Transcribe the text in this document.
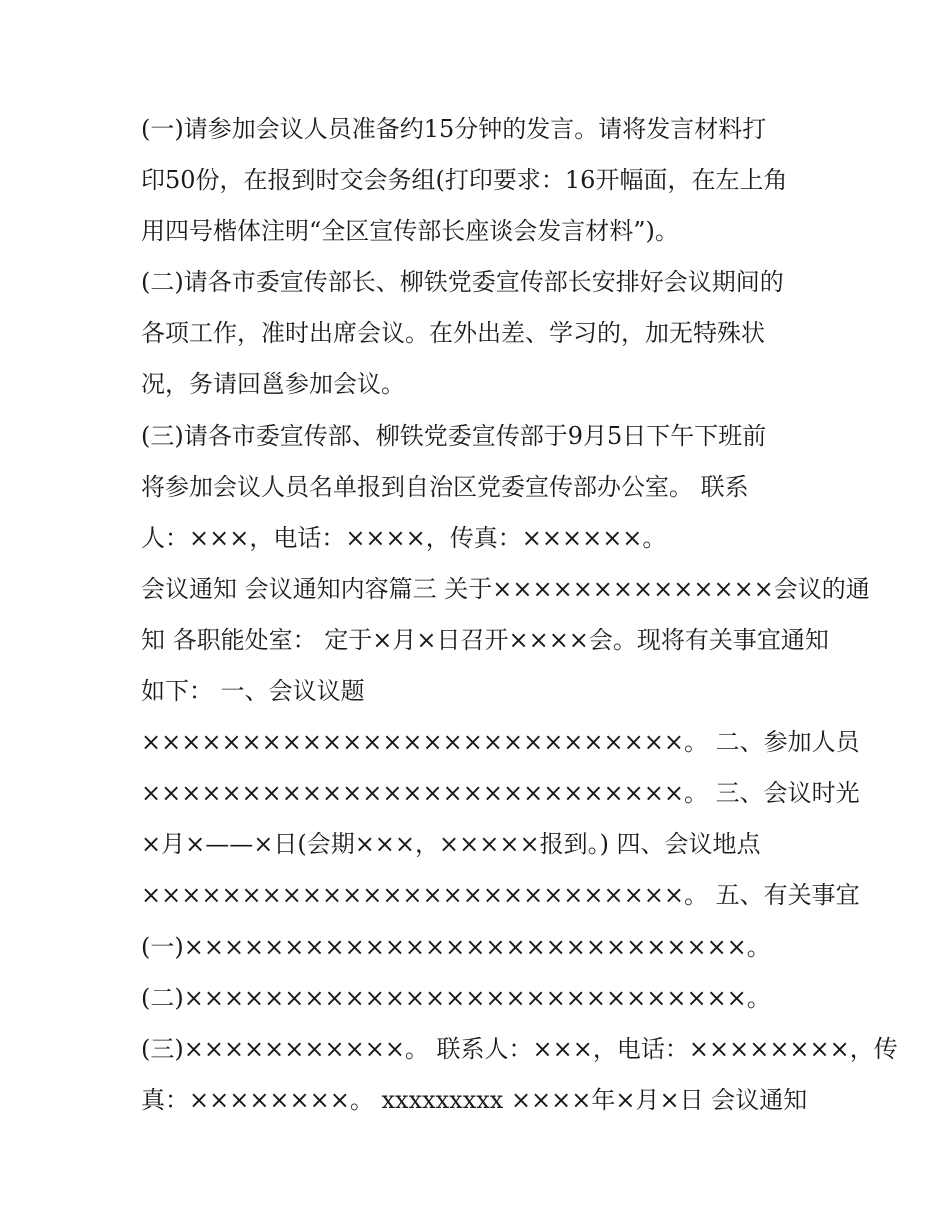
(一)请参加会议人员准备约15分钟的发言。请将发言材料打
印50份，在报到时交会务组(打印要求：16开幅面，在左上角
用四号楷体注明“全区宣传部长座谈会发言材料”)。
(二)请各市委宣传部长、柳铁党委宣传部长安排好会议期间的
各项工作，准时出席会议。在外出差、学习的，加无特殊状
况，务请回邕参加会议。
(三)请各市委宣传部、柳铁党委宣传部于9月5日下午下班前
将参加会议人员名单报到自治区党委宣传部办公室。 联系
人：×××，电话：××××，传真：××××××。
会议通知 会议通知内容篇三 关于××××××××××××××会议的通
知 各职能处室： 定于×月×日召开××××会。现将有关事宜通知
如下： 一、会议议题
×××××××××××××××××××××××××××。 二、参加人员
×××××××××××××××××××××××××××。 三、会议时光
×月×——×日(会期×××，×××××报到。) 四、会议地点
×××××××××××××××××××××××××××。 五、有关事宜
(一)××××××××××××××××××××××××××××。
(二)××××××××××××××××××××××××××××。
(三)×××××××××××。 联系人：×××，电话：××××××××，传
真：××××××××。 xxxxxxxxx ××××年×月×日 会议通知
